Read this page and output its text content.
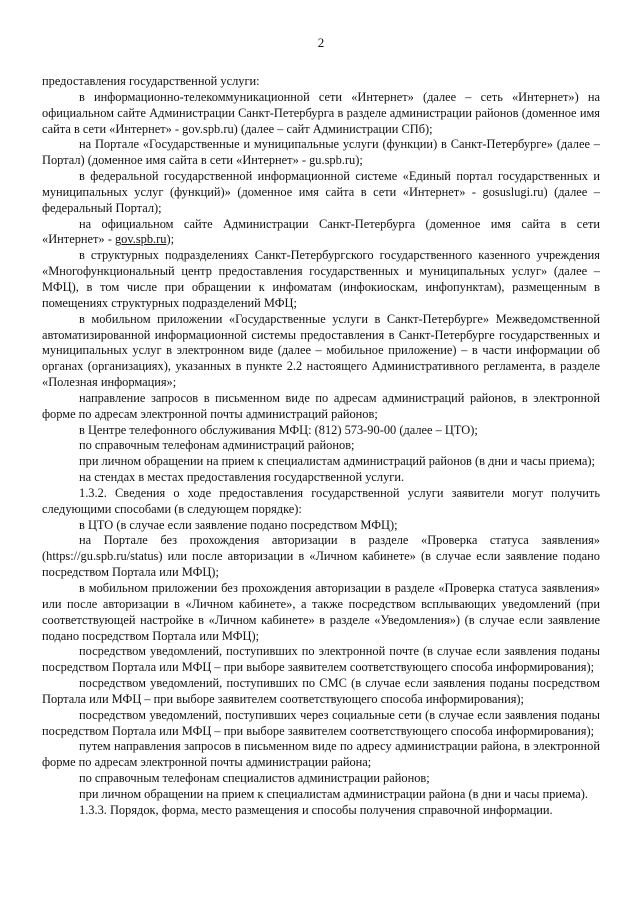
2

предоставления государственной услуги:

в информационно-телекоммуникационной сети «Интернет» (далее – сеть «Интернет») на официальном сайте Администрации Санкт-Петербурга в разделе администрации районов (доменное имя сайта в сети «Интернет» - gov.spb.ru) (далее – сайт Администрации СПб);

на Портале «Государственные и муниципальные услуги (функции) в Санкт-Петербурге» (далее – Портал) (доменное имя сайта в сети «Интернет» - gu.spb.ru);

в федеральной государственной информационной системе «Единый портал государственных и муниципальных услуг (функций)» (доменное имя сайта в сети «Интернет» - gosuslugi.ru) (далее – федеральный Портал);

на официальном сайте Администрации Санкт-Петербурга (доменное имя сайта в сети «Интернет» - gov.spb.ru);

в структурных подразделениях Санкт-Петербургского государственного казенного учреждения «Многофункциональный центр предоставления государственных и муниципальных услуг» (далее – МФЦ), в том числе при обращении к инфоматам (инфокиоскам, инфопунктам), размещенным в помещениях структурных подразделений МФЦ;

в мобильном приложении «Государственные услуги в Санкт-Петербурге» Межведомственной автоматизированной информационной системы предоставления в Санкт-Петербурге государственных и муниципальных услуг в электронном виде (далее – мобильное приложение) – в части информации об органах (организациях), указанных в пункте 2.2 настоящего Административного регламента, в разделе «Полезная информация»;

направление запросов в письменном виде по адресам администраций районов, в электронной форме по адресам электронной почты администраций районов;

в Центре телефонного обслуживания МФЦ: (812) 573-90-00 (далее – ЦТО);

по справочным телефонам администраций районов;

при личном обращении на прием к специалистам администраций районов (в дни и часы приема);

на стендах в местах предоставления государственной услуги.

1.3.2. Сведения о ходе предоставления государственной услуги заявители могут получить следующими способами (в следующем порядке):

в ЦТО (в случае если заявление подано посредством МФЦ);

на Портале без прохождения авторизации в разделе «Проверка статуса заявления» (https://gu.spb.ru/status) или после авторизации в «Личном кабинете» (в случае если заявление подано посредством Портала или МФЦ);

в мобильном приложении без прохождения авторизации в разделе «Проверка статуса заявления» или после авторизации в «Личном кабинете», а также посредством всплывающих уведомлений (при соответствующей настройке в «Личном кабинете» в разделе «Уведомления») (в случае если заявление подано посредством Портала или МФЦ);

посредством уведомлений, поступивших по электронной почте (в случае если заявления поданы посредством Портала или МФЦ – при выборе заявителем соответствующего способа информирования);

посредством уведомлений, поступивших по СМС (в случае если заявления поданы посредством Портала или МФЦ – при выборе заявителем соответствующего способа информирования);

посредством уведомлений, поступивших через социальные сети (в случае если заявления поданы посредством Портала или МФЦ – при выборе заявителем соответствующего способа информирования);

путем направления запросов в письменном виде по адресу администрации района, в электронной форме по адресам электронной почты администрации района;

по справочным телефонам специалистов администрации районов;

при личном обращении на прием к специалистам администрации района (в дни и часы приема).

1.3.3. Порядок, форма, место размещения и способы получения справочной информации.
